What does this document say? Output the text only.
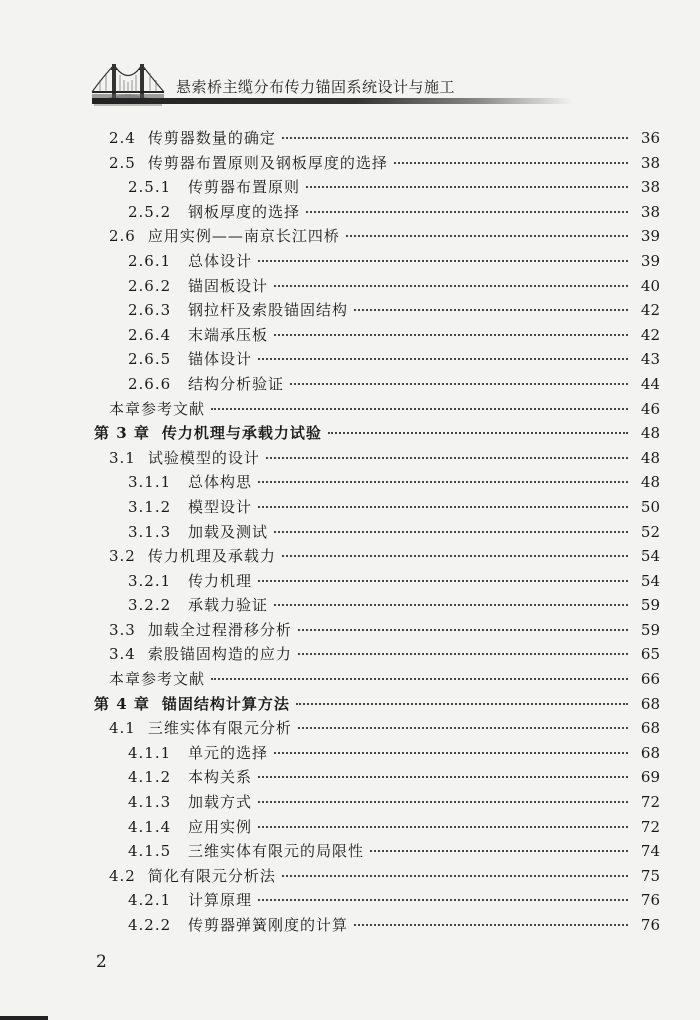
悬索桥主缆分布传力锚固系统设计与施工
2.4 传剪器数量的确定	36
2.5 传剪器布置原则及钢板厚度的选择	38
2.5.1	传剪器布置原则	38
2.5.2	钢板厚度的选择	38
2.6 应用实例——南京长江四桥	39
2.6.1	总体设计	39
2.6.2	锚固板设计	40
2.6.3	钢拉杆及索股锚固结构	42
2.6.4	末端承压板	42
2.6.5	锚体设计	43
2.6.6	结构分析验证	44
本章参考文献	46
第 3 章 传力机理与承载力试验	48
3.1 试验模型的设计	48
3.1.1	总体构思	48
3.1.2	模型设计	50
3.1.3	加载及测试	52
3.2 传力机理及承载力	54
3.2.1	传力机理	54
3.2.2	承载力验证	59
3.3 加载全过程滑移分析	59
3.4 索股锚固构造的应力	65
本章参考文献	66
第 4 章 锚固结构计算方法	68
4.1 三维实体有限元分析	68
4.1.1	单元的选择	68
4.1.2	本构关系	69
4.1.3	加载方式	72
4.1.4	应用实例	72
4.1.5	三维实体有限元的局限性	74
4.2 简化有限元分析法	75
4.2.1	计算原理	76
4.2.2	传剪器弹簧刚度的计算	76
2
